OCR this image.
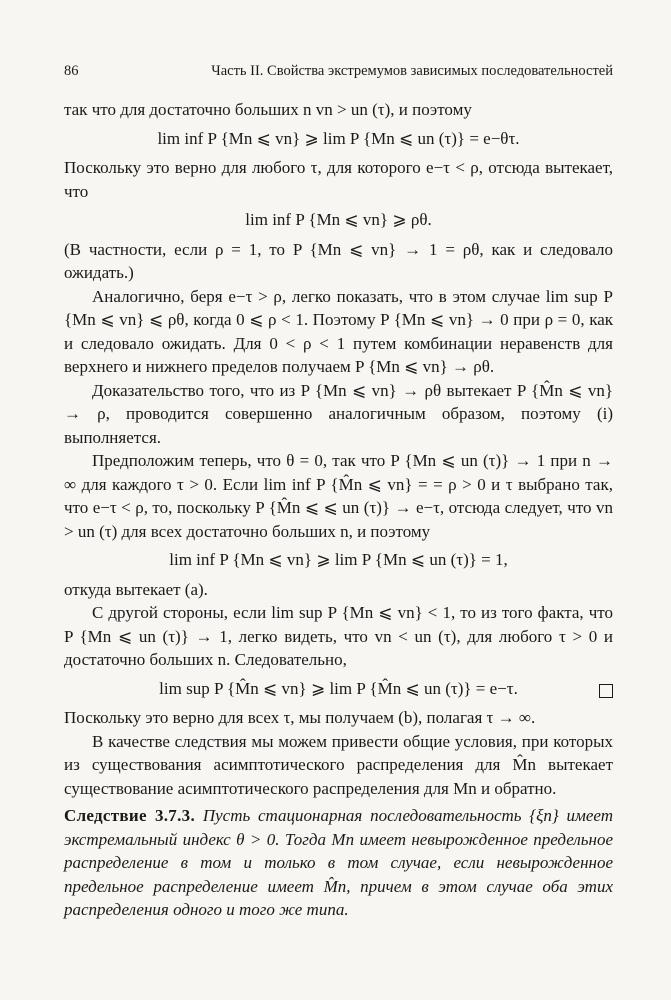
86	Часть II. Свойства экстремумов зависимых последовательностей

так что для достаточно больших n vn > un (τ), и поэтому

lim inf P {Mn ⩽ vn} ⩾ lim P {Mn ⩽ un (τ)} = e−θτ.

Поскольку это верно для любого τ, для которого e−τ < ρ, отсюда вытекает, что

lim inf P {Mn ⩽ vn} ⩾ ρθ.

(В частности, если ρ = 1, то P {Mn ⩽ vn} → 1 = ρθ, как и следовало ожидать.)

Аналогично, беря e−τ > ρ, легко показать, что в этом случае lim sup P {Mn ⩽ vn} ⩽ ρθ, когда 0 ⩽ ρ < 1. Поэтому P {Mn ⩽ vn} → 0 при ρ = 0, как и следовало ожидать. Для 0 < ρ < 1 путем комбинации неравенств для верхнего и нижнего пределов получаем P {Mn ⩽ vn} → ρθ.

Доказательство того, что из P {Mn ⩽ vn} → ρθ вытекает P {M̂n ⩽ vn} → ρ, проводится совершенно аналогичным образом, поэтому (i) выполняется.

Предположим теперь, что θ = 0, так что P {Mn ⩽ un (τ)} → 1 при n → ∞ для каждого τ > 0. Если lim inf P {M̂n ⩽ vn} = = ρ > 0 и τ выбрано так, что e−τ < ρ, то, поскольку P {M̂n ⩽ ⩽ un (τ)} → e−τ, отсюда следует, что vn > un (τ) для всех достаточно больших n, и поэтому

lim inf P {Mn ⩽ vn} ⩾ lim P {Mn ⩽ un (τ)} = 1,

откуда вытекает (a).

С другой стороны, если lim sup P {Mn ⩽ vn} < 1, то из того факта, что P {Mn ⩽ un (τ)} → 1, легко видеть, что vn < un (τ), для любого τ > 0 и достаточно больших n. Следовательно,

lim sup P {M̂n ⩽ vn} ⩾ lim P {M̂n ⩽ un (τ)} = e−τ.

Поскольку это верно для всех τ, мы получаем (b), полагая τ → ∞.

В качестве следствия мы можем привести общие условия, при которых из существования асимптотического распределения для M̂n вытекает существование асимптотического распределения для Mn и обратно.

Следствие 3.7.3. Пусть стационарная последовательность {ξn} имеет экстремальный индекс θ > 0. Тогда Mn имеет невырожденное предельное распределение в том и только в том случае, если невырожденное предельное распределение имеет M̂n, причем в этом случае оба этих распределения одного и того же типа.
